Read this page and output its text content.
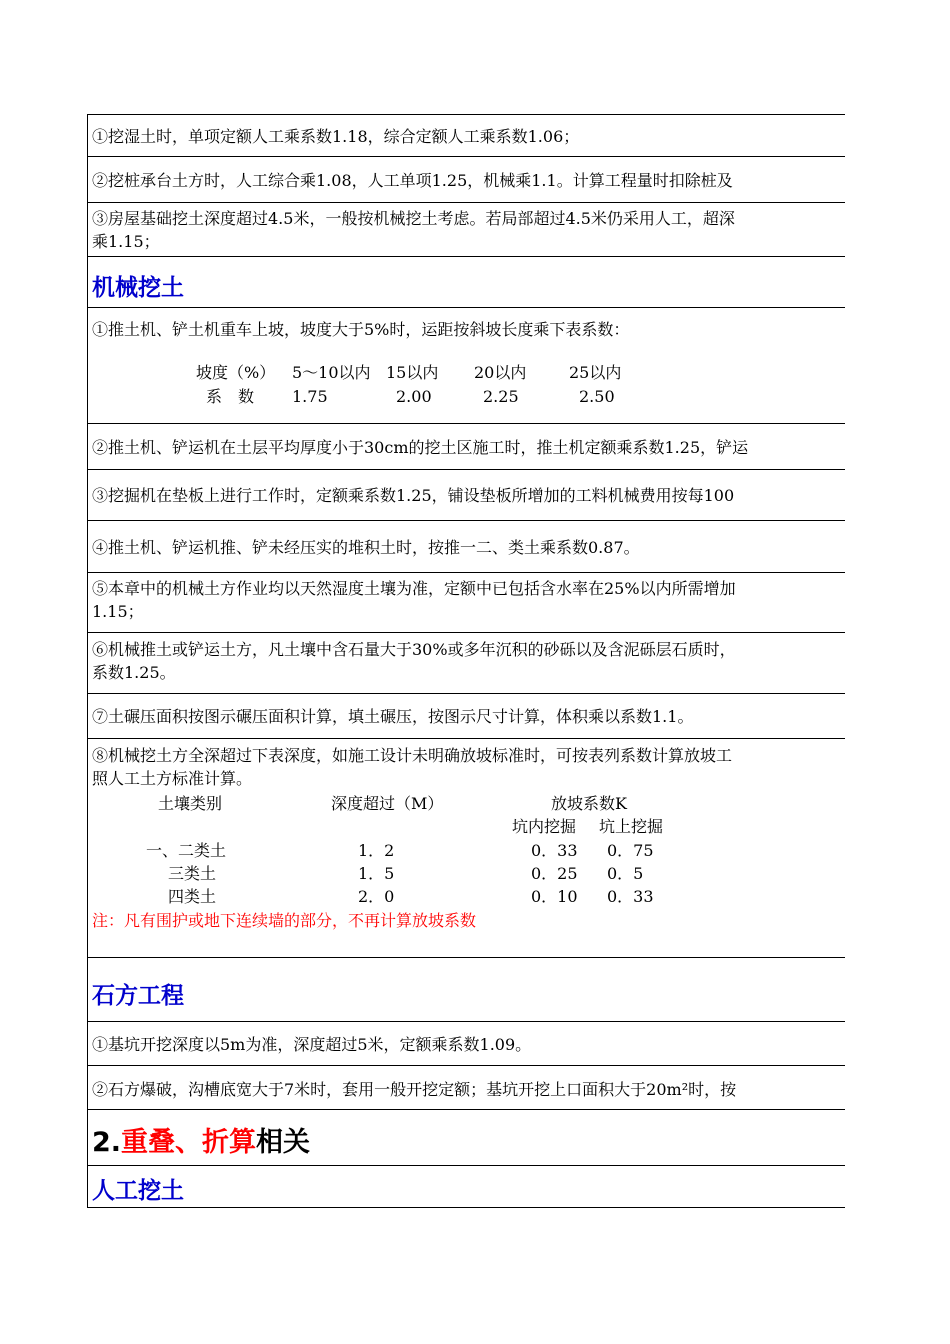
①挖湿土时，单项定额人工乘系数1.18，综合定额人工乘系数1.06；
②挖桩承台土方时，人工综合乘1.08，人工单项1.25，机械乘1.1。计算工程量时扣除桩及
③房屋基础挖土深度超过4.5米，一般按机械挖土考虑。若局部超过4.5米仍采用人工，超深
乘1.15；
机械挖土
①推土机、铲土机重车上坡，坡度大于5%时，运距按斜坡长度乘下表系数：
坡度（%） 5～10以内 15以内 20以内	25以内
系　数 1.75	2.00	2.25	2.50
②推土机、铲运机在土层平均厚度小于30cm的挖土区施工时，推土机定额乘系数1.25，铲运
③挖掘机在垫板上进行工作时，定额乘系数1.25，铺设垫板所增加的工料机械费用按每100
④推土机、铲运机推、铲未经压实的堆积土时，按推一二、类土乘系数0.87。
⑤本章中的机械土方作业均以天然湿度土壤为准，定额中已包括含水率在25%以内所需增加
1.15；
⑥机械推土或铲运土方，凡土壤中含石量大于30%或多年沉积的砂砾以及含泥砾层石质时，
系数1.25。
⑦土碾压面积按图示碾压面积计算，填土碾压，按图示尺寸计算，体积乘以系数1.1。
⑧机械挖土方全深超过下表深度，如施工设计未明确放坡标准时，可按表列系数计算放坡工
照人工土方标准计算。
土壤类别	深度超过（M）	放坡系数K
坑内挖掘 坑上挖掘
一、二类土	1．2	0．33 0．75
三类土	1．5	0．25 0．5
四类土	2．0	0．10 0．33
注：凡有围护或地下连续墙的部分，不再计算放坡系数
石方工程
①基坑开挖深度以5m为准，深度超过5米，定额乘系数1.09。
②石方爆破，沟槽底宽大于7米时，套用一般开挖定额；基坑开挖上口面积大于20m²时，按
2.重叠、折算相关
人工挖土
